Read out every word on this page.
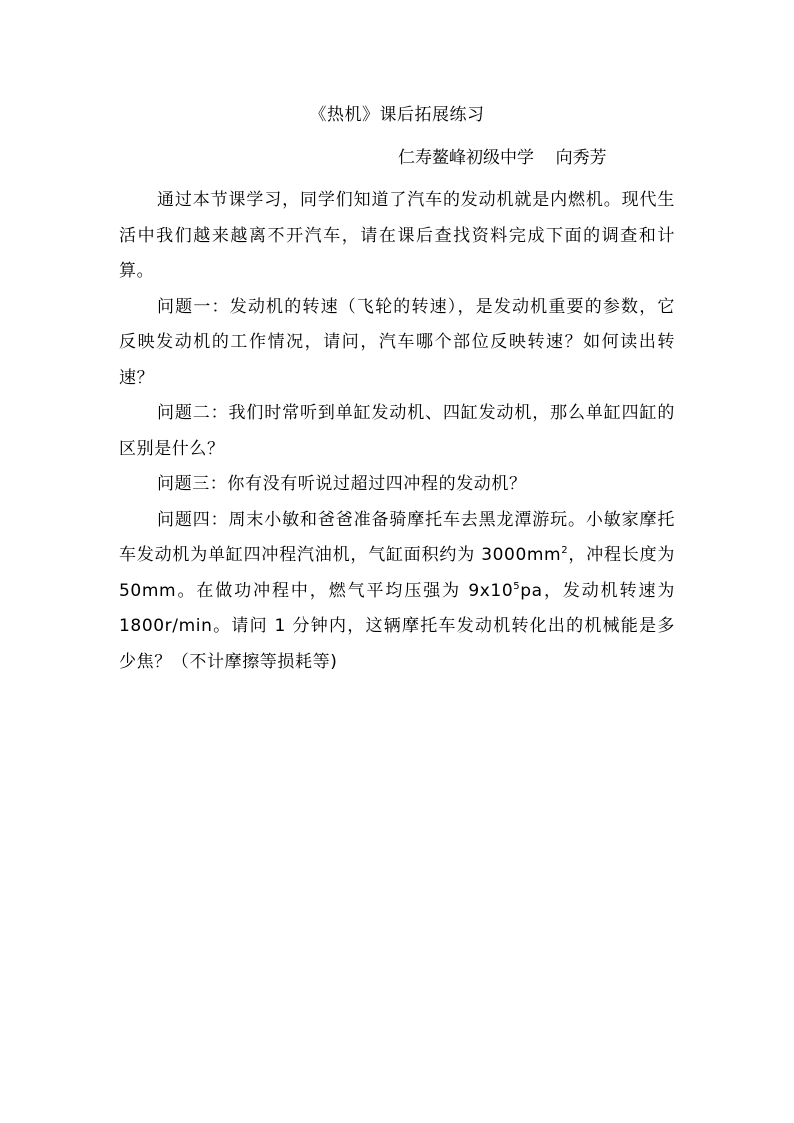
《热机》课后拓展练习
仁寿鳌峰初级中学    向秀芳

通过本节课学习，同学们知道了汽车的发动机就是内燃机。现代生活中我们越来越离不开汽车，请在课后查找资料完成下面的调查和计算。

问题一：发动机的转速（飞轮的转速），是发动机重要的参数，它反映发动机的工作情况，请问，汽车哪个部位反映转速？如何读出转速？

问题二：我们时常听到单缸发动机、四缸发动机，那么单缸四缸的区别是什么？

问题三：你有没有听说过超过四冲程的发动机？

问题四：周末小敏和爸爸准备骑摩托车去黑龙潭游玩。小敏家摩托车发动机为单缸四冲程汽油机，气缸面积约为 $3000mm^2$，冲程长度为 50mm。在做功冲程中，燃气平均压强为 $9x10^5pa$，发动机转速为 1800r/min。请问 1 分钟内，这辆摩托车发动机转化出的机械能是多少焦？（不计摩擦等损耗等)
